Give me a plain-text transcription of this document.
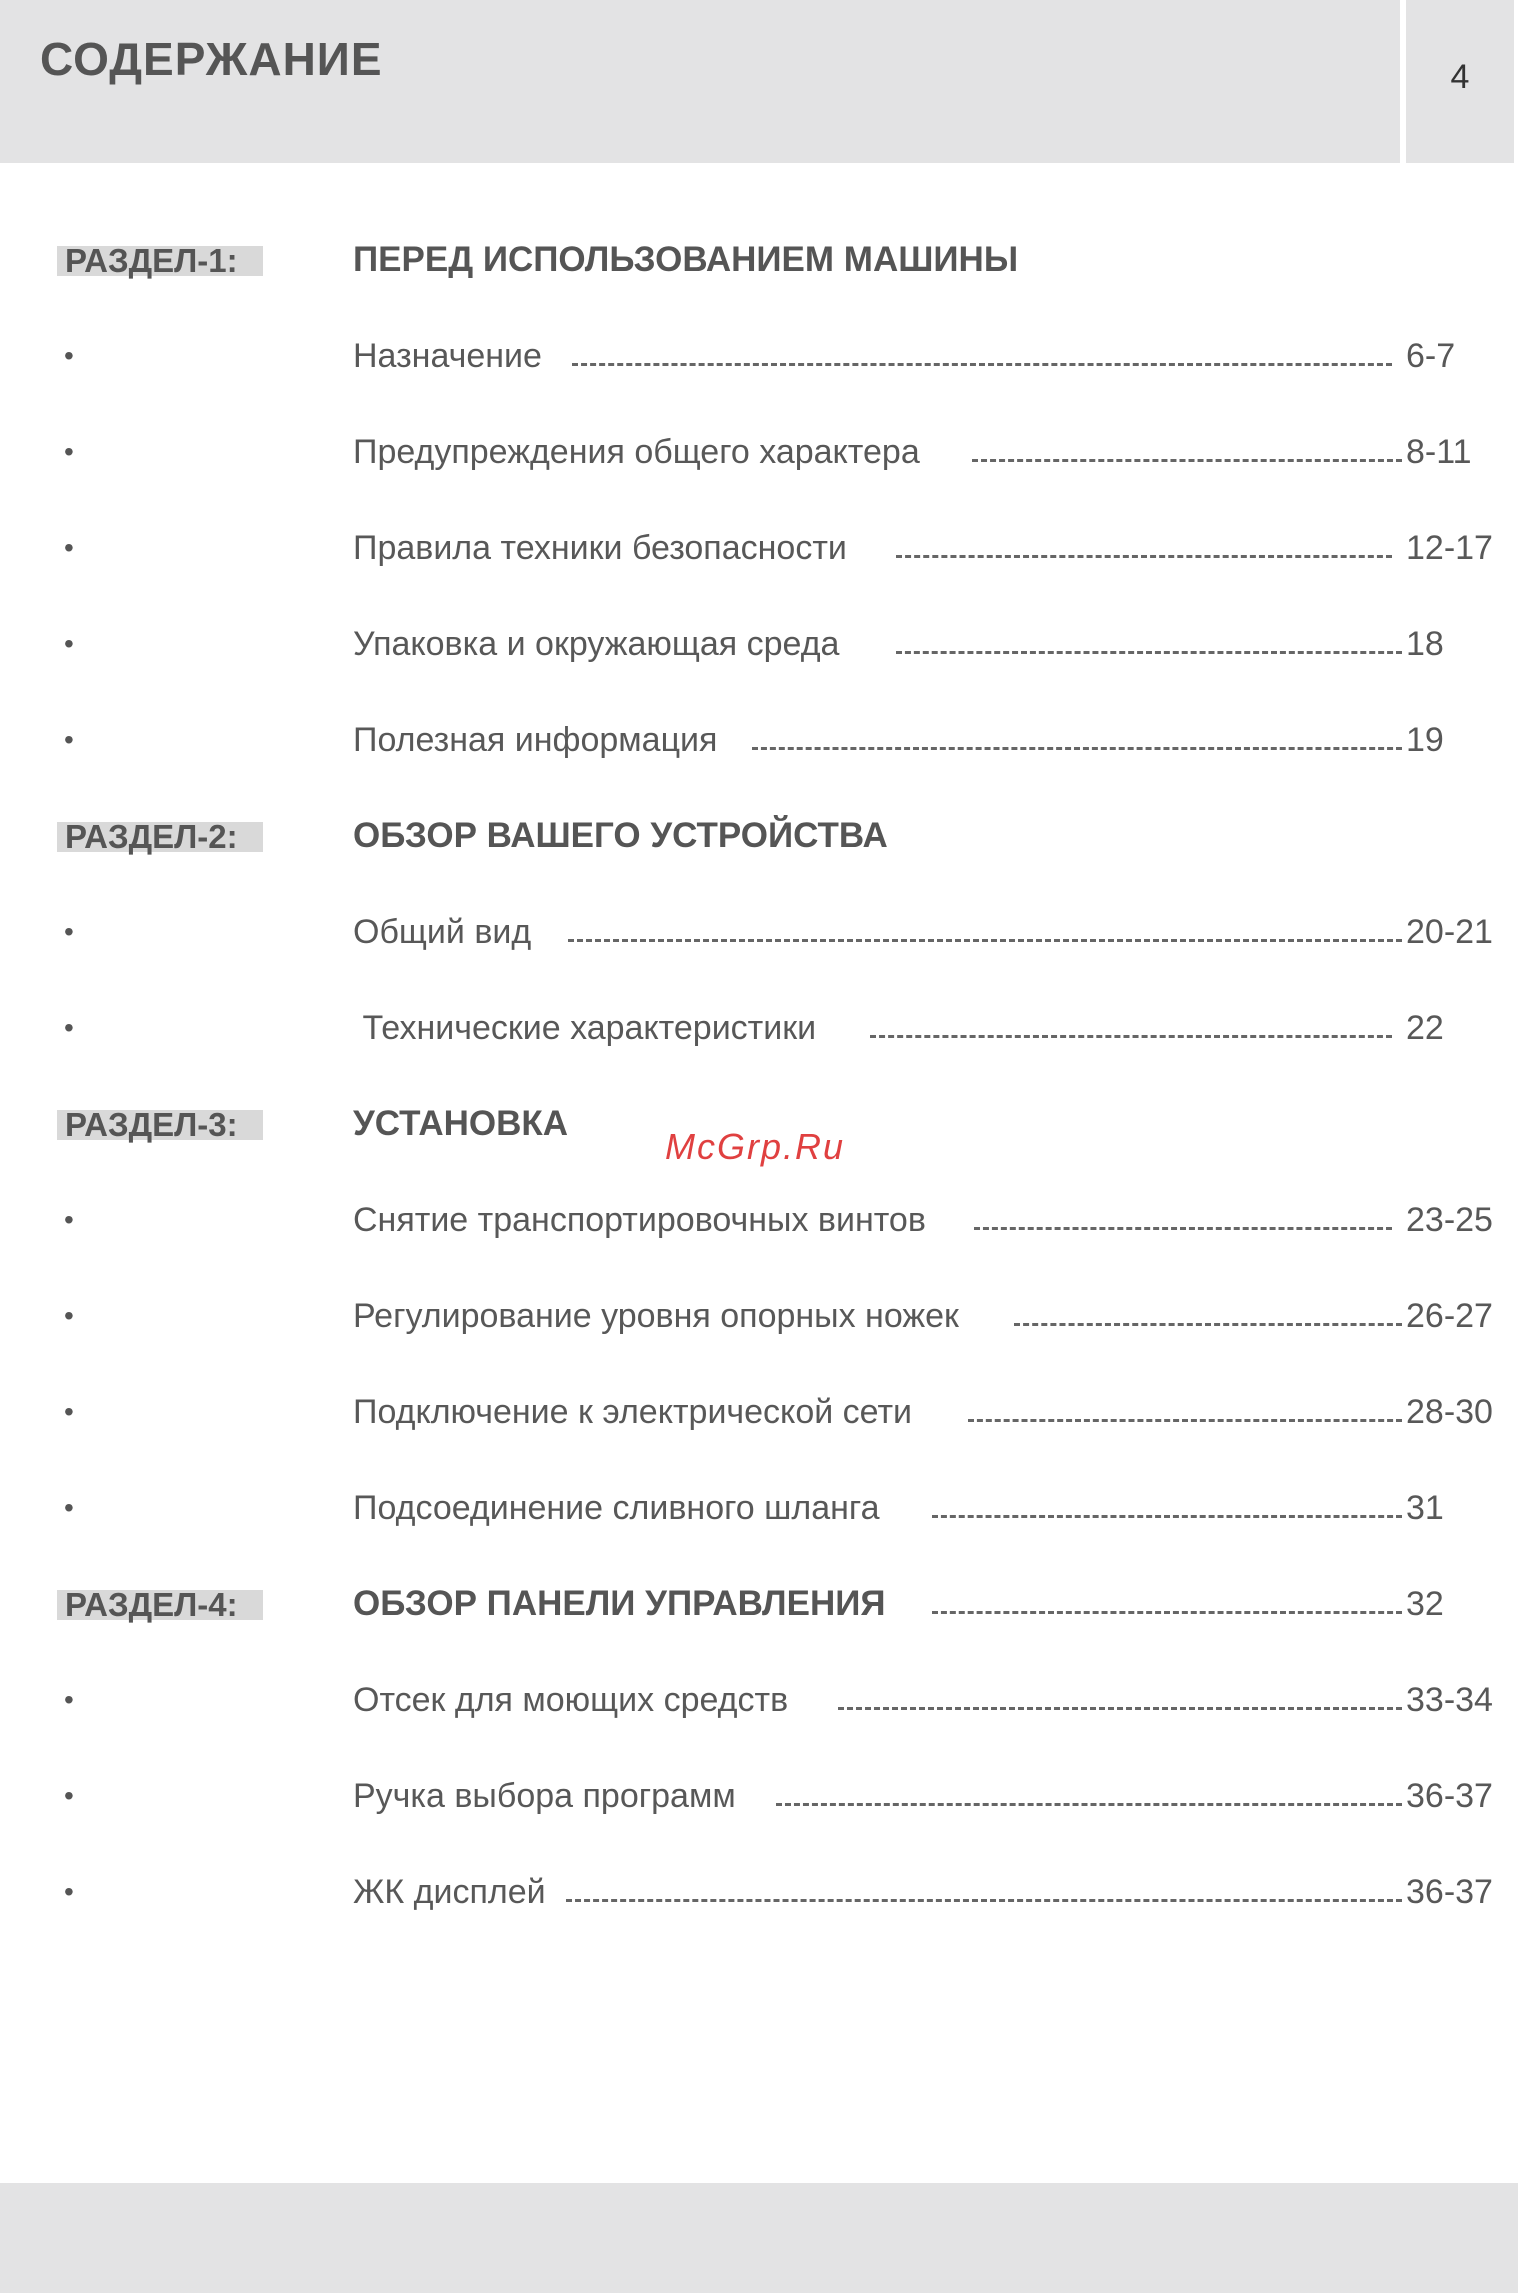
СОДЕРЖАНИЕ	4
РАЗДЕЛ-1:	ПЕРЕД ИСПОЛЬЗОВАНИЕМ МАШИНЫ
•	Назначение	6-7
•	Предупреждения общего характера	8-11
•	Правила техники безопасности	12-17
•	Упаковка и окружающая среда	18
•	Полезная информация	19
РАЗДЕЛ-2:	ОБЗОР ВАШЕГО УСТРОЙСТВА
•	Общий вид	20-21
•	Технические характеристики	22
РАЗДЕЛ-3:	УСТАНОВКА
•	Снятие транспортировочных винтов	23-25
•	Регулирование уровня опорных ножек	26-27
•	Подключение к электрической сети	28-30
•	Подсоединение сливного шланга	31
РАЗДЕЛ-4:	ОБЗОР ПАНЕЛИ УПРАВЛЕНИЯ	32
•	Отсек для моющих средств	33-34
•	Ручка выбора программ	36-37
•	ЖК дисплей	36-37
McGrp.Ru
